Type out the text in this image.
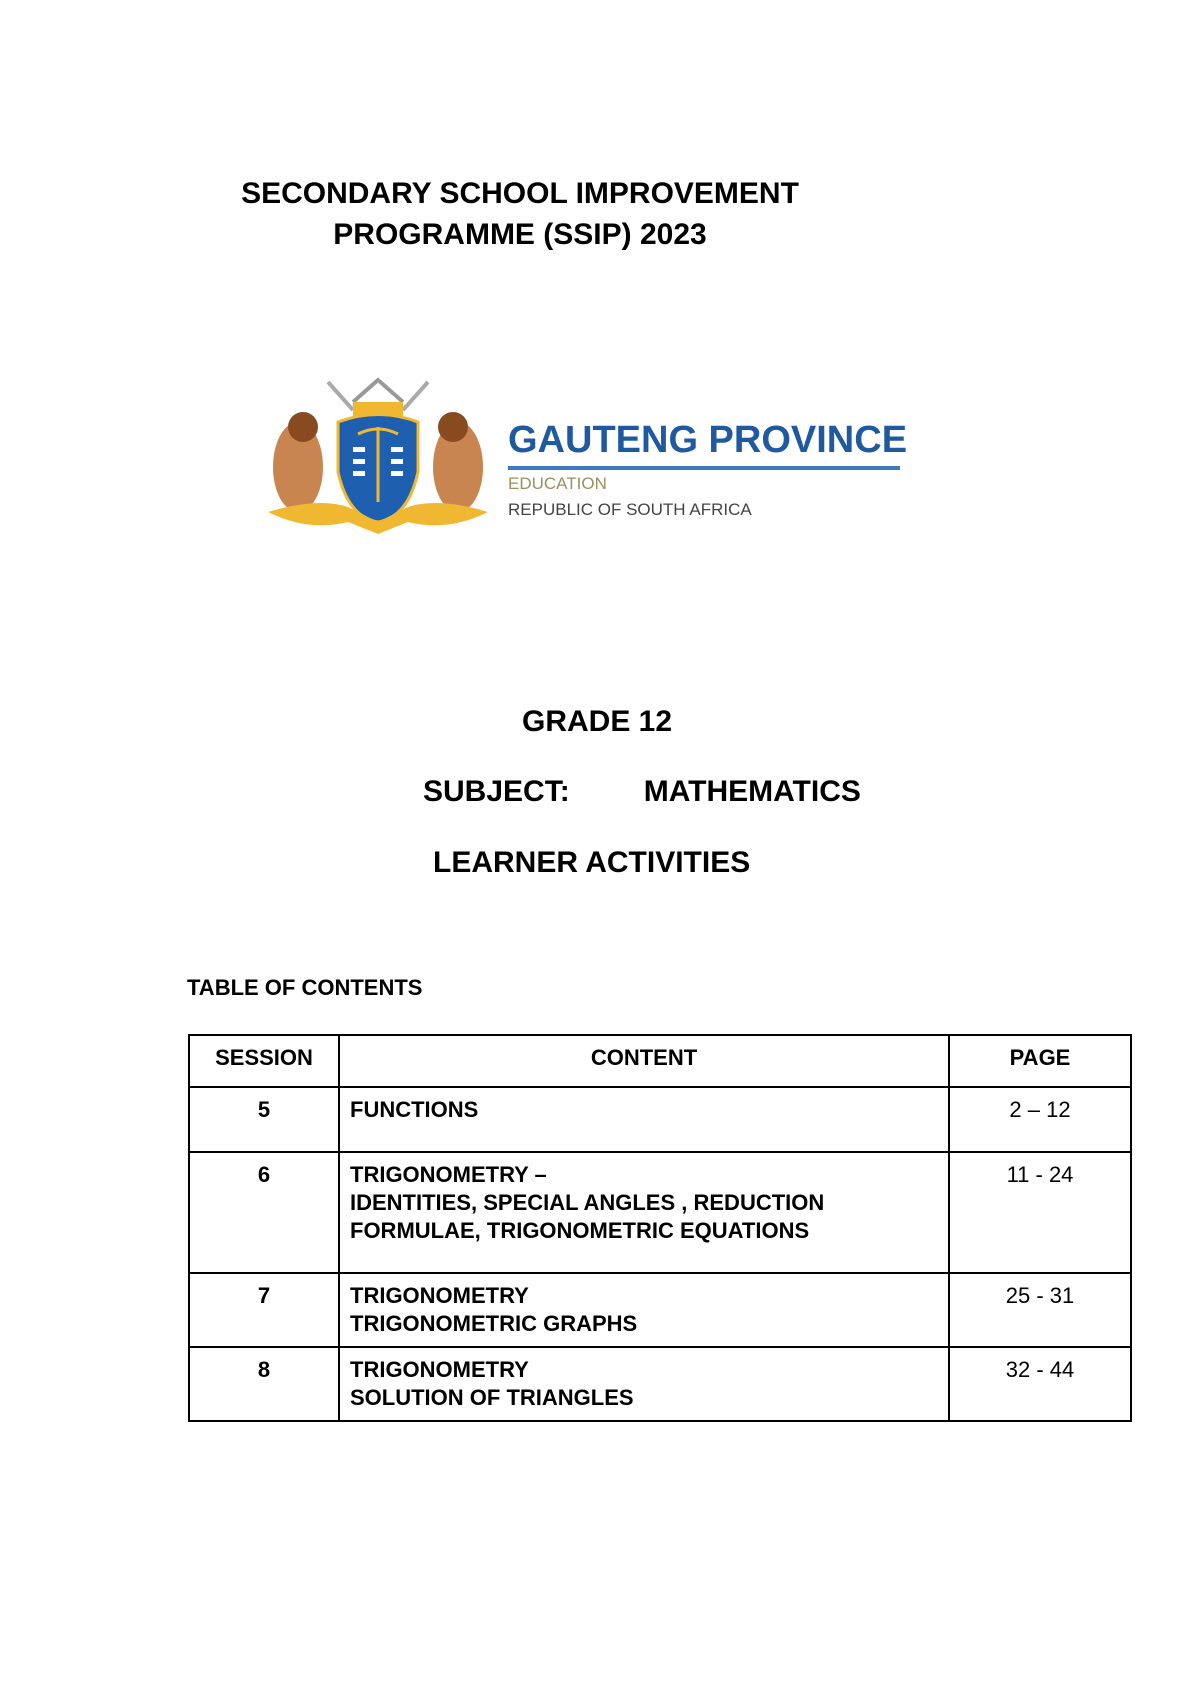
SECONDARY SCHOOL IMPROVEMENT
PROGRAMME (SSIP) 2023
GAUTENG PROVINCE
EDUCATION
REPUBLIC OF SOUTH AFRICA
GRADE 12
SUBJECT: MATHEMATICS
LEARNER ACTIVITIES
TABLE OF CONTENTS
SESSION	CONTENT	PAGE
5	FUNCTIONS	2 – 12
6	TRIGONOMETRY –
IDENTITIES, SPECIAL ANGLES , REDUCTION
FORMULAE, TRIGONOMETRIC EQUATIONS	11 - 24
7	TRIGONOMETRY
TRIGONOMETRIC GRAPHS	25 - 31
8	TRIGONOMETRY
SOLUTION OF TRIANGLES	32 - 44
